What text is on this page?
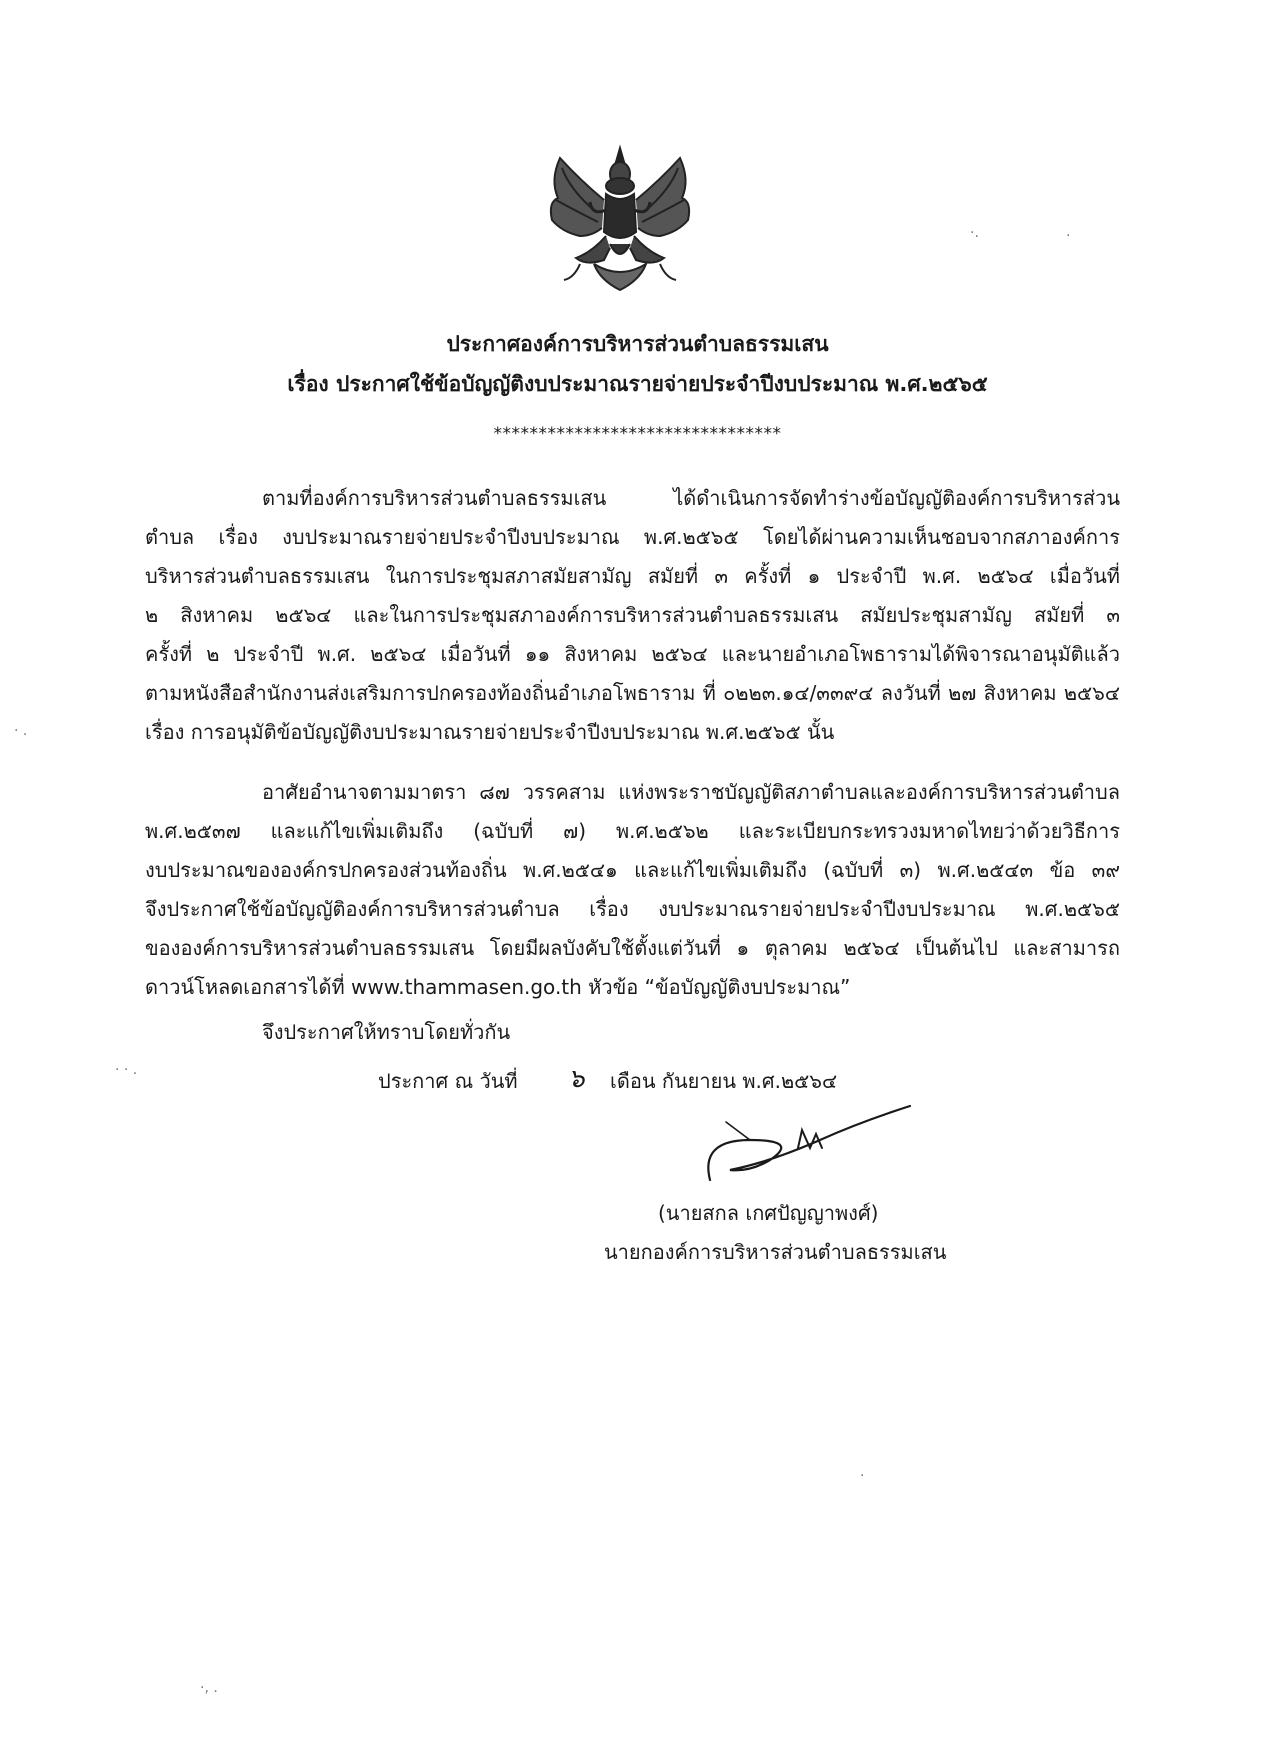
ประกาศองค์การบริหารส่วนตำบลธรรมเสน
เรื่อง ประกาศใช้ข้อบัญญัติงบประมาณรายจ่ายประจำปีงบประมาณ พ.ศ.๒๕๖๕
********************************
ตามที่องค์การบริหารส่วนตำบลธรรมเสน ได้ดำเนินการจัดทำร่างข้อบัญญัติองค์การบริหารส่วน
ตำบล เรื่อง งบประมาณรายจ่ายประจำปีงบประมาณ พ.ศ.๒๕๖๕ โดยได้ผ่านความเห็นชอบจากสภาองค์การ
บริหารส่วนตำบลธรรมเสน ในการประชุมสภาสมัยสามัญ สมัยที่ ๓ ครั้งที่ ๑ ประจำปี พ.ศ. ๒๕๖๔ เมื่อวันที่
๒ สิงหาคม ๒๕๖๔ และในการประชุมสภาองค์การบริหารส่วนตำบลธรรมเสน สมัยประชุมสามัญ สมัยที่ ๓
ครั้งที่ ๒ ประจำปี พ.ศ. ๒๕๖๔ เมื่อวันที่ ๑๑ สิงหาคม ๒๕๖๔ และนายอำเภอโพธารามได้พิจารณาอนุมัติแล้ว
ตามหนังสือสำนักงานส่งเสริมการปกครองท้องถิ่นอำเภอโพธาราม ที่ ๐๒๒๓.๑๔/๓๓๙๔ ลงวันที่ ๒๗ สิงหาคม ๒๕๖๔
เรื่อง การอนุมัติข้อบัญญัติงบประมาณรายจ่ายประจำปีงบประมาณ พ.ศ.๒๕๖๕ นั้น
อาศัยอำนาจตามมาตรา ๘๗ วรรคสาม แห่งพระราชบัญญัติสภาตำบลและองค์การบริหารส่วนตำบล
พ.ศ.๒๕๓๗ และแก้ไขเพิ่มเติมถึง (ฉบับที่ ๗) พ.ศ.๒๕๖๒ และระเบียบกระทรวงมหาดไทยว่าด้วยวิธีการ
งบประมาณขององค์กรปกครองส่วนท้องถิ่น พ.ศ.๒๕๔๑ และแก้ไขเพิ่มเติมถึง (ฉบับที่ ๓) พ.ศ.๒๕๔๓ ข้อ ๓๙
จึงประกาศใช้ข้อบัญญัติองค์การบริหารส่วนตำบล เรื่อง งบประมาณรายจ่ายประจำปีงบประมาณ พ.ศ.๒๕๖๕
ขององค์การบริหารส่วนตำบลธรรมเสน โดยมีผลบังคับใช้ตั้งแต่วันที่ ๑ ตุลาคม ๒๕๖๔ เป็นต้นไป และสามารถ
ดาวน์โหลดเอกสารได้ที่ www.thammasen.go.th หัวข้อ “ข้อบัญญัติงบประมาณ”
จึงประกาศให้ทราบโดยทั่วกัน
ประกาศ ณ วันที่ ๖ เดือน กันยายน พ.ศ.๒๕๖๔
(นายสกล เกศปัญญาพงศ์)
นายกองค์การบริหารส่วนตำบลธรรมเสน
·.	·
· .
· · .
·
·, .
